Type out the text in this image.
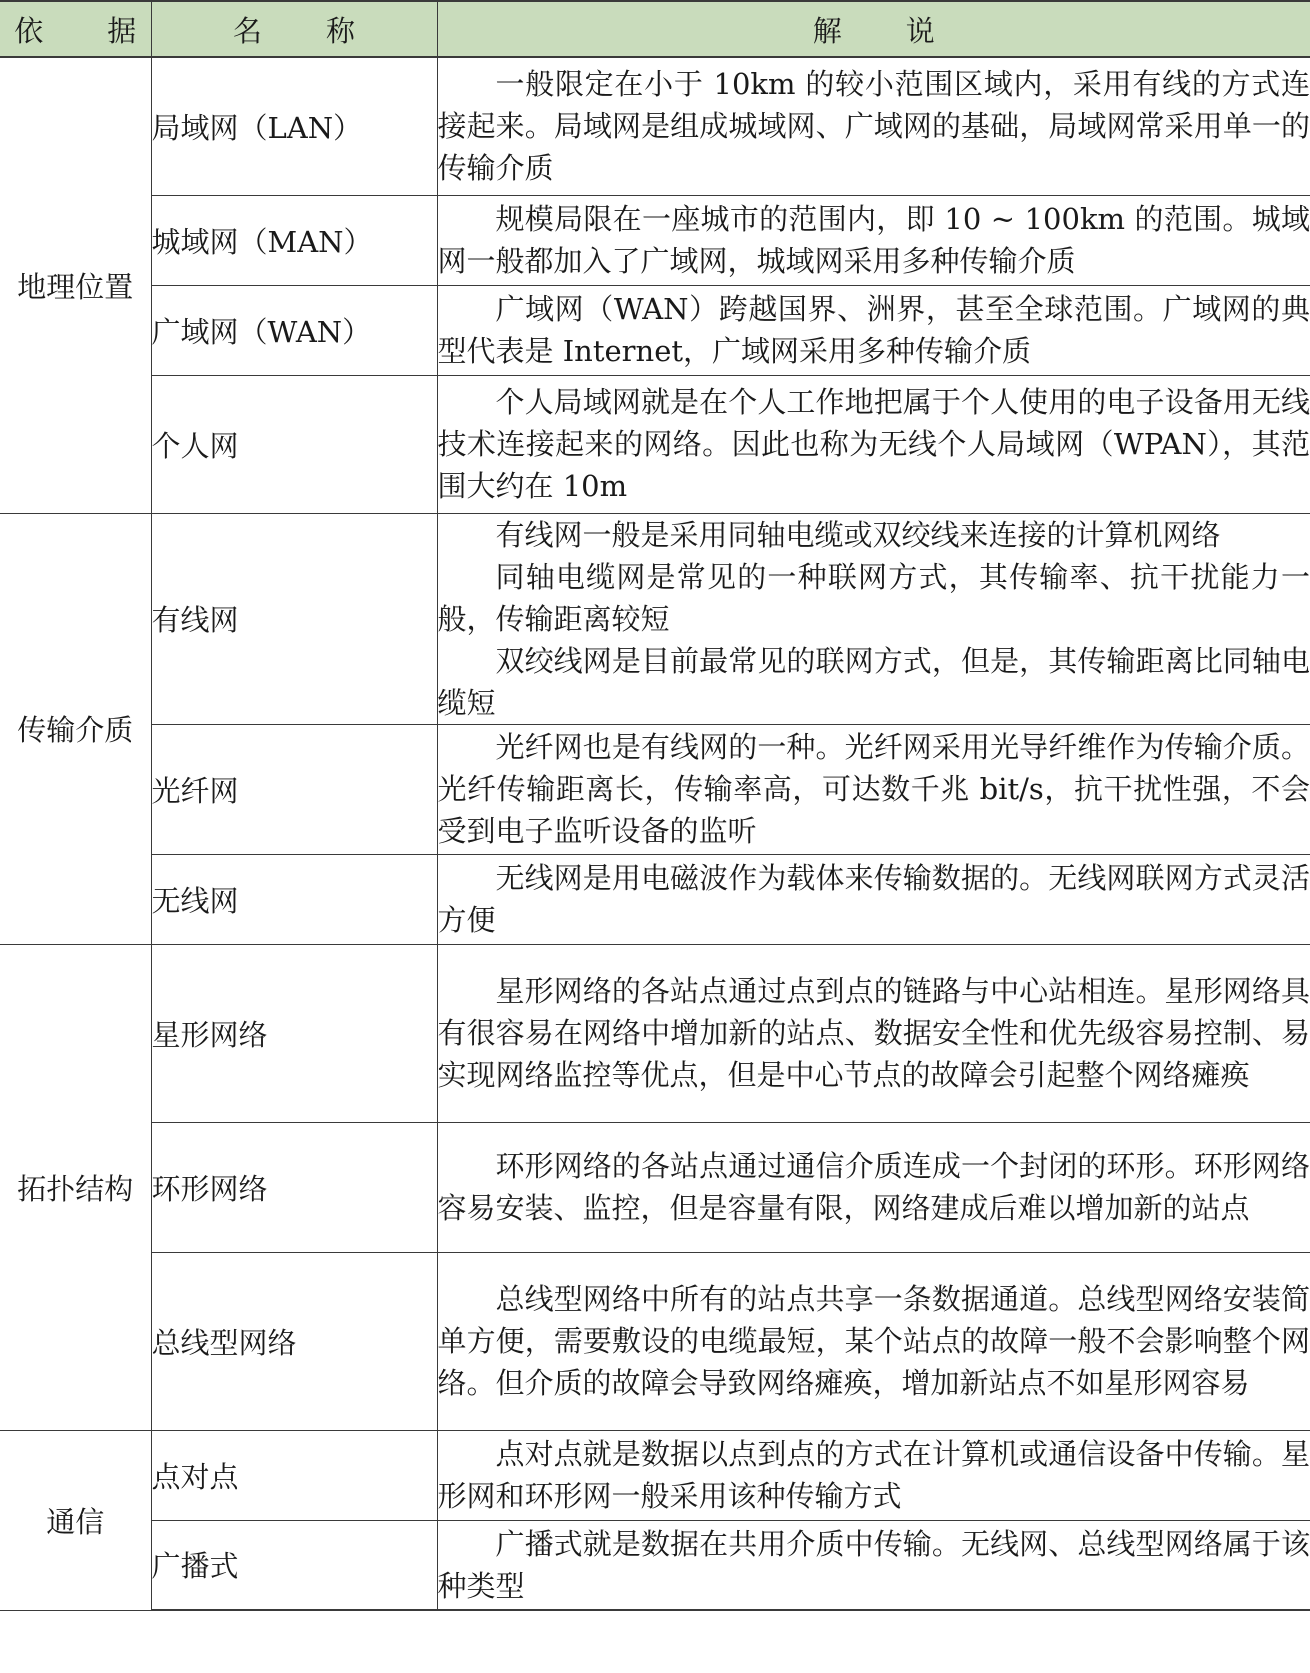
依 据	名 称	解 说
地理位置	局域网（LAN）	一般限定在小于 10km 的较小范围区域内，采用有线的方式连接起来。局域网是组成城域网、广域网的基础，局域网常采用单一的传输介质

	城域网（MAN）	规模局限在一座城市的范围内，即 10 ~ 100km 的范围。城域网一般都加入了广域网，城域网采用多种传输介质

	广域网（WAN）	广域网（WAN）跨越国界、洲界，甚至全球范围。广域网的典型代表是 Internet，广域网采用多种传输介质

	个人网	个人局域网就是在个人工作地把属于个人使用的电子设备用无线技术连接起来的网络。因此也称为无线个人局域网（WPAN），其范围大约在 10m

传输介质	有线网	有线网一般是采用同轴电缆或双绞线来连接的计算机网络

同轴电缆网是常见的一种联网方式，其传输率、抗干扰能力一般，传输距离较短

双绞线网是目前最常见的联网方式，但是，其传输距离比同轴电缆短

	光纤网	光纤网也是有线网的一种。光纤网采用光导纤维作为传输介质。光纤传输距离长，传输率高，可达数千兆 bit/s，抗干扰性强，不会受到电子监听设备的监听

	无线网	无线网是用电磁波作为载体来传输数据的。无线网联网方式灵活方便

拓扑结构	星形网络	星形网络的各站点通过点到点的链路与中心站相连。星形网络具有很容易在网络中增加新的站点、数据安全性和优先级容易控制、易实现网络监控等优点，但是中心节点的故障会引起整个网络瘫痪

	环形网络	环形网络的各站点通过通信介质连成一个封闭的环形。环形网络容易安装、监控，但是容量有限，网络建成后难以增加新的站点

	总线型网络	总线型网络中所有的站点共享一条数据通道。总线型网络安装简单方便，需要敷设的电缆最短，某个站点的故障一般不会影响整个网络。但介质的故障会导致网络瘫痪，增加新站点不如星形网容易

通信	点对点	点对点就是数据以点到点的方式在计算机或通信设备中传输。星形网和环形网一般采用该种传输方式

	广播式	广播式就是数据在共用介质中传输。无线网、总线型网络属于该种类型
